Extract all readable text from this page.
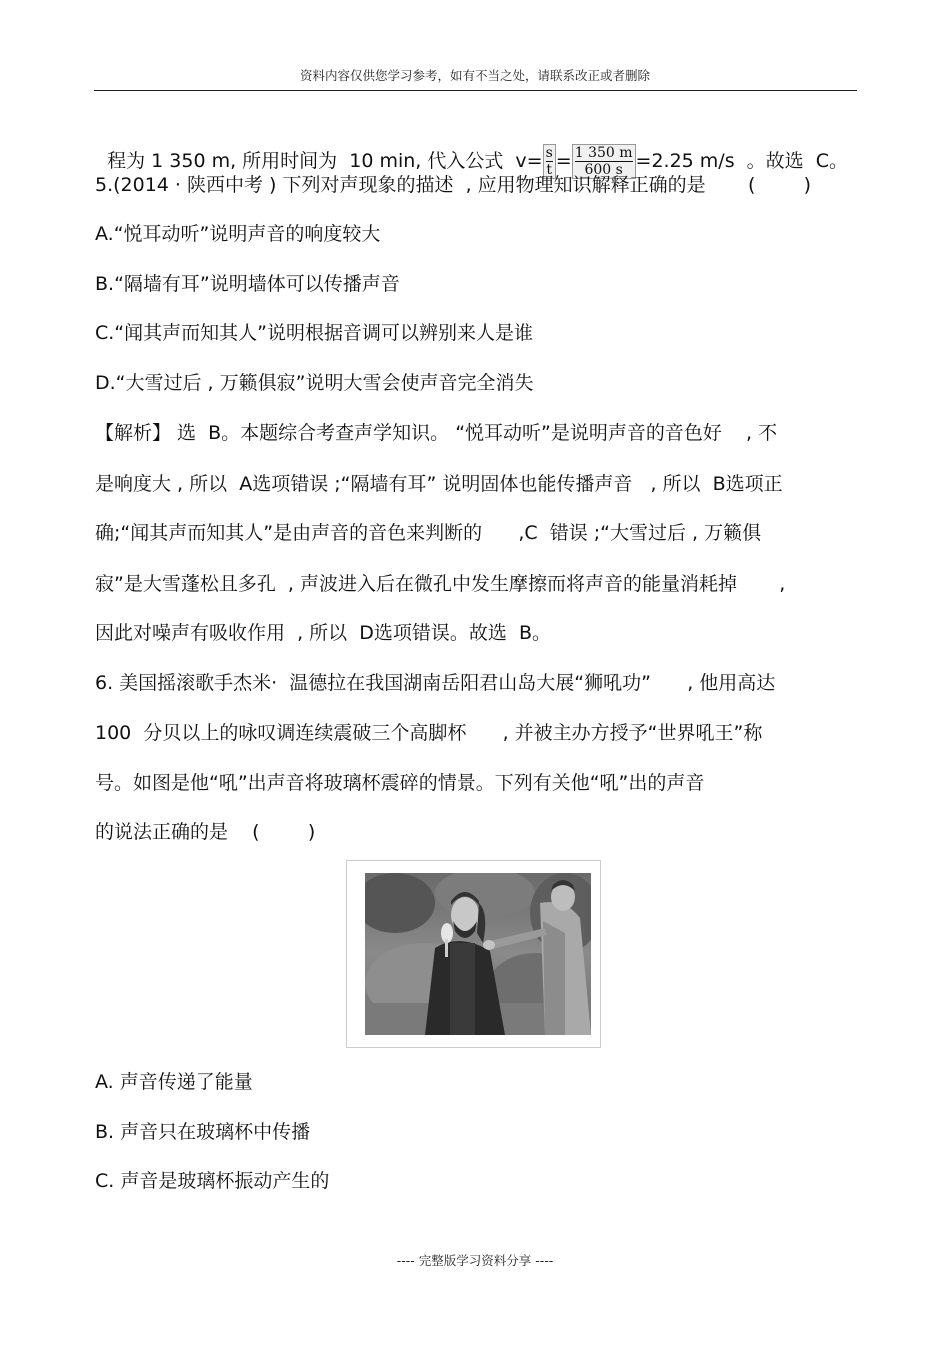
资料内容仅供您学习参考，如有不当之处，请联系改正或者删除

程为 1 350 m, 所用时间为  10 min, 代入公式  $v= \frac{s}{t} = \frac{1 350 m}{600 s} =2.25$ m/s  。故选  C。

5.(2014 · 陕西中考 ) 下列对声现象的描述  , 应用物理知识解释正确的是       (        )
A.“悦耳动听”说明声音的响度较大
B.“隔墙有耳”说明墙体可以传播声音
C.“闻其声而知其人”说明根据音调可以辨别来人是谁
D.“大雪过后 , 万籁俱寂”说明大雪会使声音完全消失
【解析】 选  B。本题综合考查声学知识。 “悦耳动听”是说明声音的音色好    , 不
是响度大 , 所以  A选项错误 ;“隔墙有耳” 说明固体也能传播声音   , 所以  B选项正
确;“闻其声而知其人”是由声音的音色来判断的      ,C  错误 ;“大雪过后 , 万籁俱
寂”是大雪蓬松且多孔  , 声波进入后在微孔中发生摩擦而将声音的能量消耗掉       ,
因此对噪声有吸收作用  , 所以  D选项错误。故选  B。
6. 美国摇滚歌手杰米·  温德拉在我国湖南岳阳君山岛大展“狮吼功”      , 他用高达
100  分贝以上的咏叹调连续震破三个高脚杯      , 并被主办方授予“世界吼王”称
号。如图是他“吼”出声音将玻璃杯震碎的情景。下列有关他“吼”出的声音
的说法正确的是    (        )
A. 声音传递了能量
B. 声音只在玻璃杯中传播
C. 声音是玻璃杯振动产生的
---- 完整版学习资料分享 ----
